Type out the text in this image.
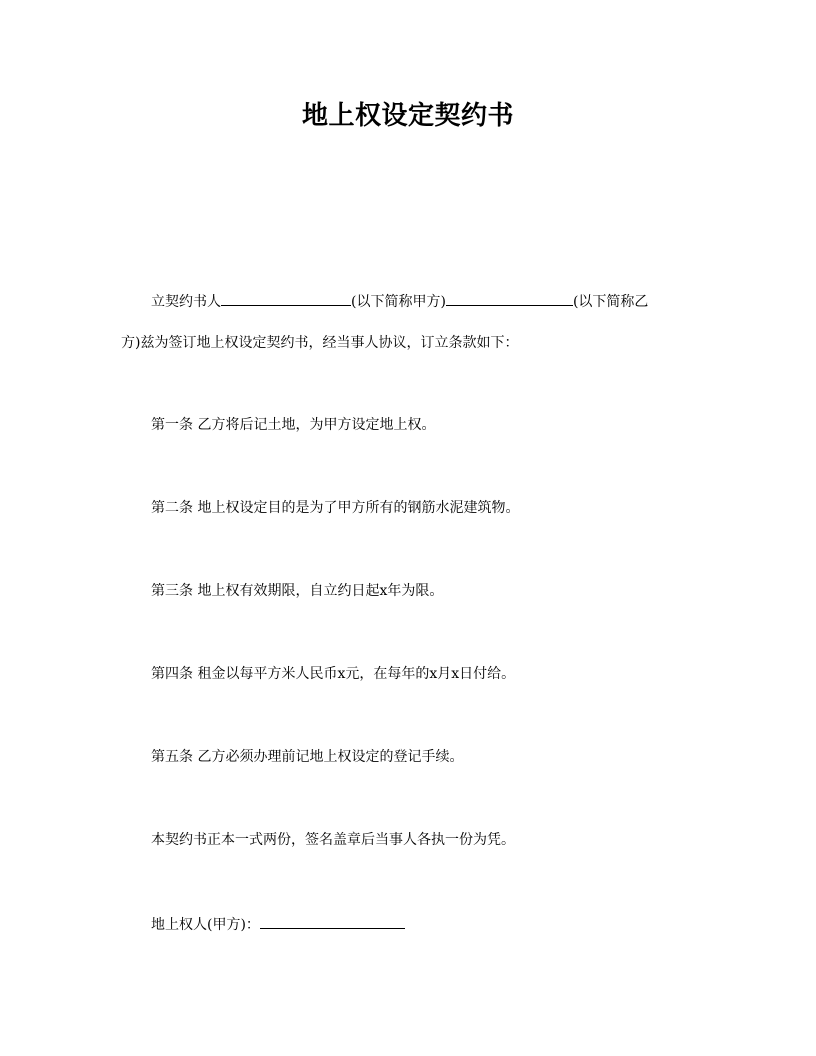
地上权设定契约书
立契约书人	(以下简称甲方)	(以下简称乙
方)兹为签订地上权设定契约书，经当事人协议，订立条款如下：
第一条 乙方将后记土地，为甲方设定地上权。
第二条 地上权设定目的是为了甲方所有的钢筋水泥建筑物。
第三条 地上权有效期限，自立约日起x年为限。
第四条 租金以每平方米人民币x元，在每年的x月x日付给。
第五条 乙方必须办理前记地上权设定的登记手续。
本契约书正本一式两份，签名盖章后当事人各执一份为凭。
地上权人(甲方)：
